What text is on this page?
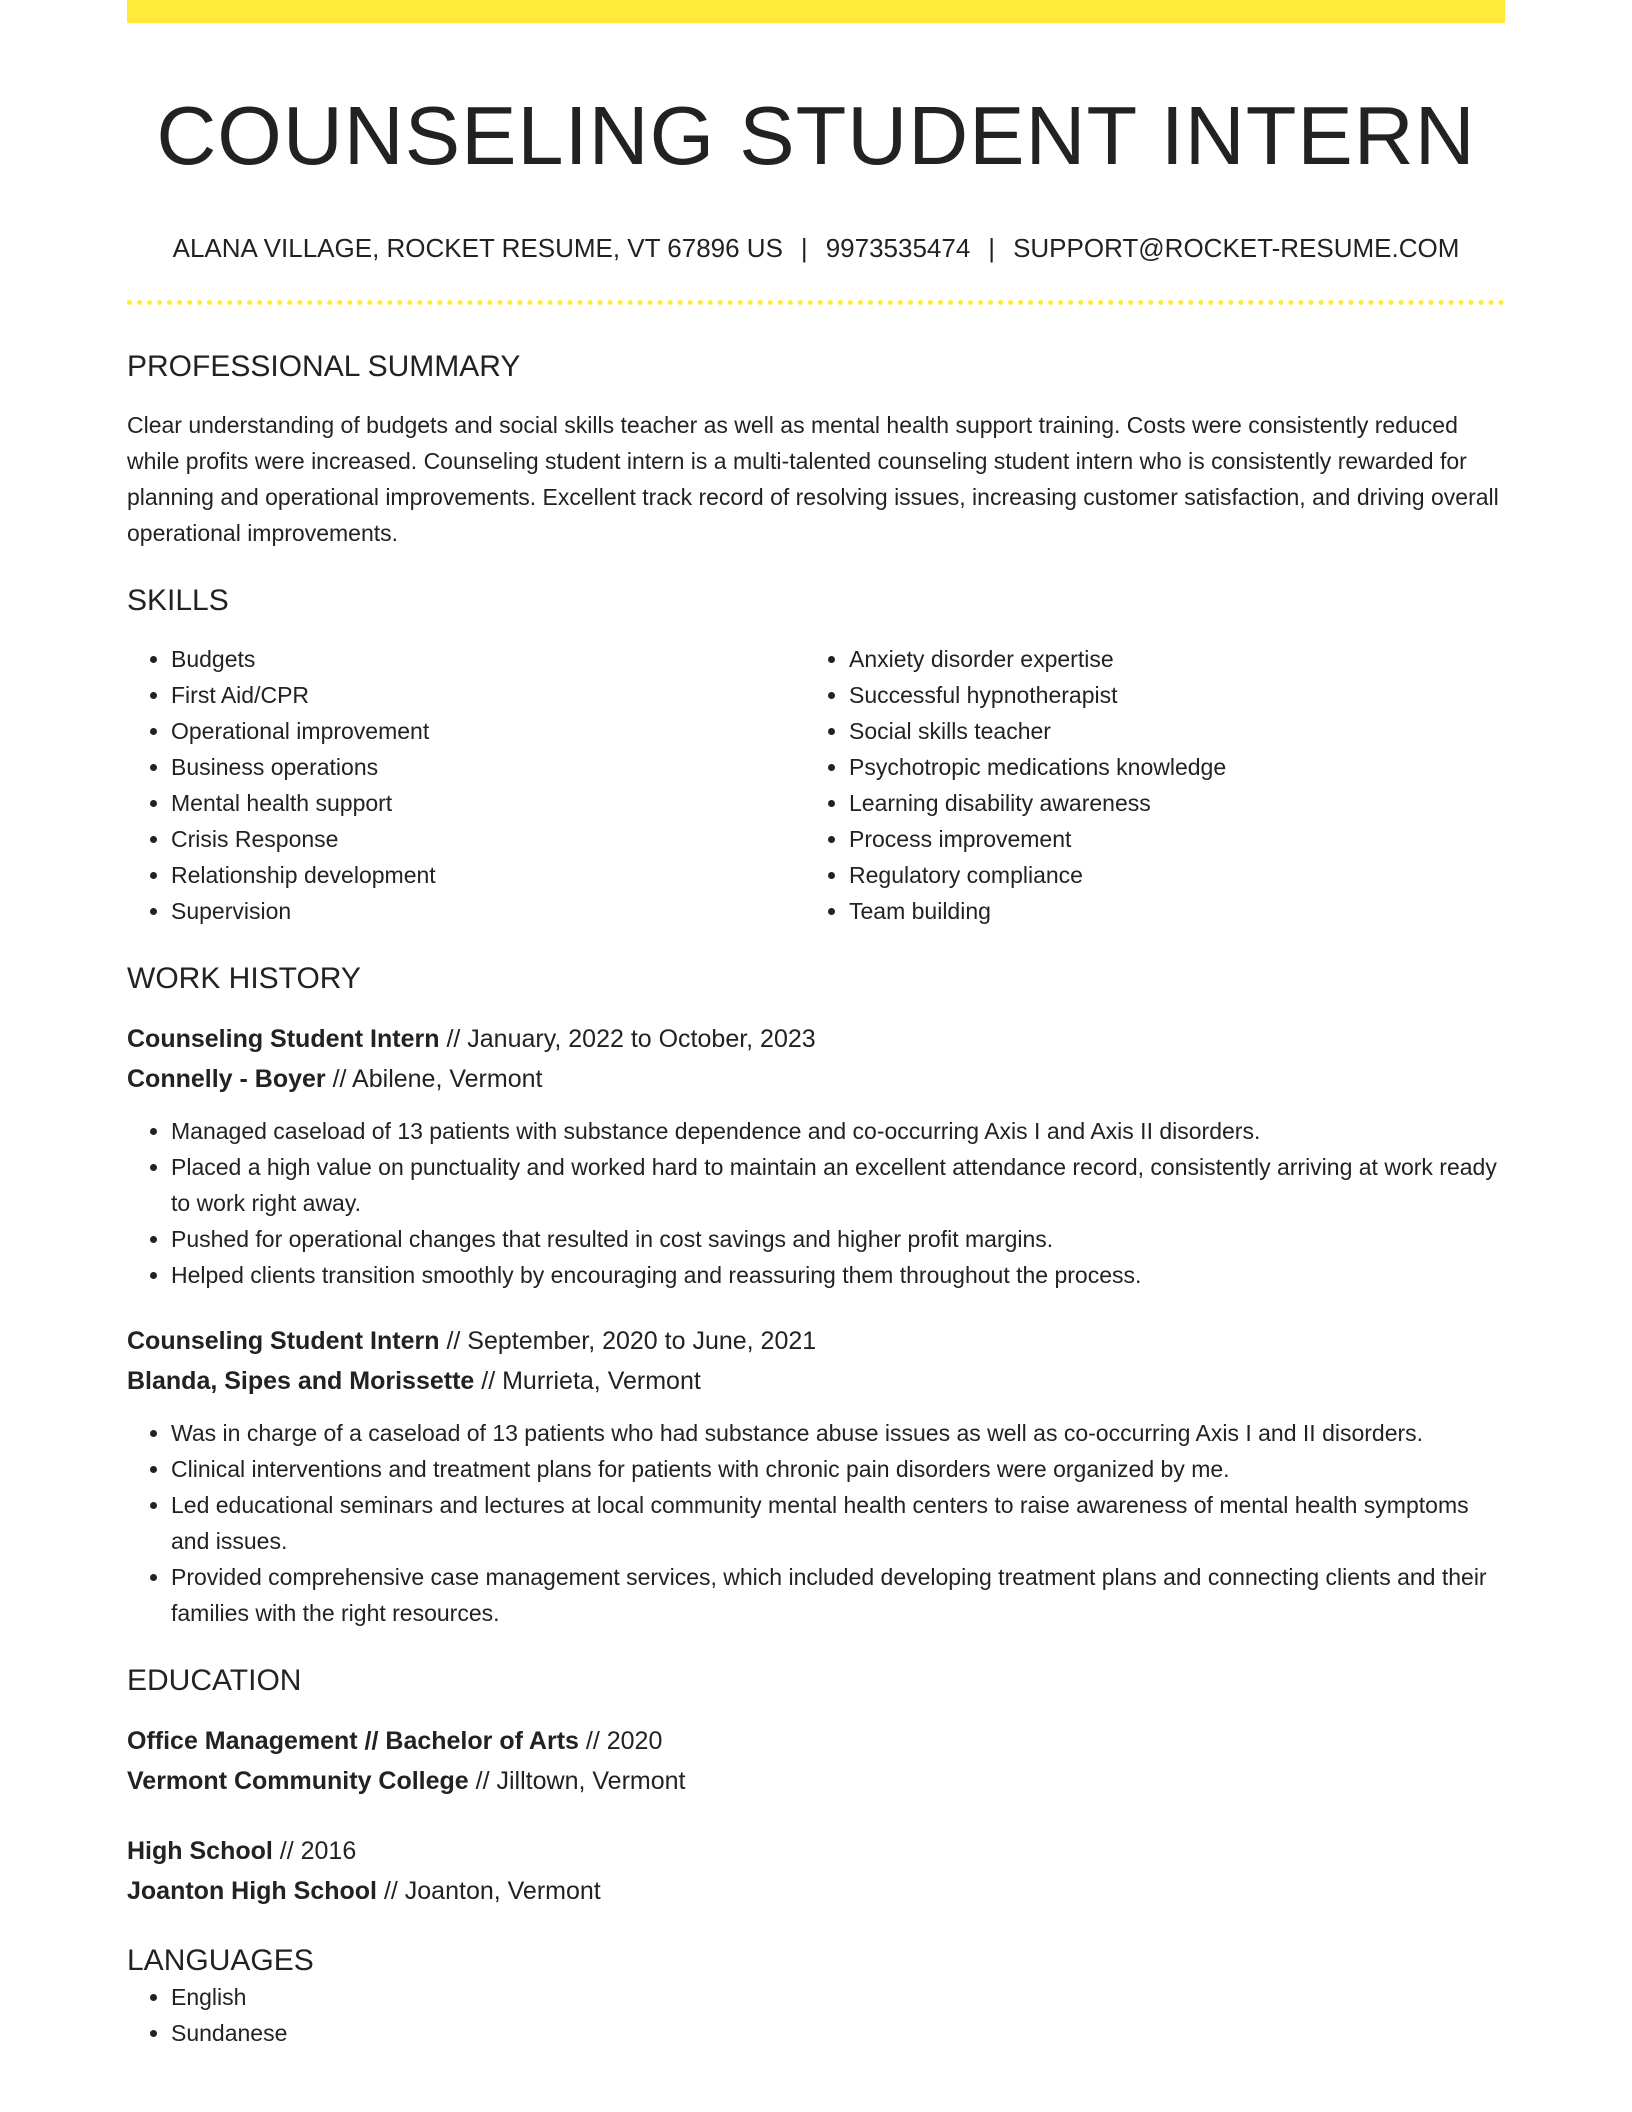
COUNSELING STUDENT INTERN
ALANA VILLAGE, ROCKET RESUME, VT 67896 US | 9973535474 | SUPPORT@ROCKET-RESUME.COM
PROFESSIONAL SUMMARY

Clear understanding of budgets and social skills teacher as well as mental health support training. Costs were consistently reduced while profits were increased. Counseling student intern is a multi-talented counseling student intern who is consistently rewarded for planning and operational improvements. Excellent track record of resolving issues, increasing customer satisfaction, and driving overall operational improvements.

SKILLS
• Budgets
• First Aid/CPR
• Operational improvement
• Business operations
• Mental health support
• Crisis Response
• Relationship development
• Supervision
• Anxiety disorder expertise
• Successful hypnotherapist
• Social skills teacher
• Psychotropic medications knowledge
• Learning disability awareness
• Process improvement
• Regulatory compliance
• Team building
WORK HISTORY
Counseling Student Intern // January, 2022 to October, 2023
Connelly - Boyer // Abilene, Vermont
• Managed caseload of 13 patients with substance dependence and co-occurring Axis I and Axis II disorders.
• Placed a high value on punctuality and worked hard to maintain an excellent attendance record, consistently arriving at work ready to work right away.
• Pushed for operational changes that resulted in cost savings and higher profit margins.
• Helped clients transition smoothly by encouraging and reassuring them throughout the process.
Counseling Student Intern // September, 2020 to June, 2021
Blanda, Sipes and Morissette // Murrieta, Vermont
• Was in charge of a caseload of 13 patients who had substance abuse issues as well as co-occurring Axis I and II disorders.
• Clinical interventions and treatment plans for patients with chronic pain disorders were organized by me.
• Led educational seminars and lectures at local community mental health centers to raise awareness of mental health symptoms and issues.
• Provided comprehensive case management services, which included developing treatment plans and connecting clients and their families with the right resources.
EDUCATION
Office Management // Bachelor of Arts // 2020
Vermont Community College // Jilltown, Vermont
High School // 2016
Joanton High School // Joanton, Vermont
LANGUAGES
• English
• Sundanese
